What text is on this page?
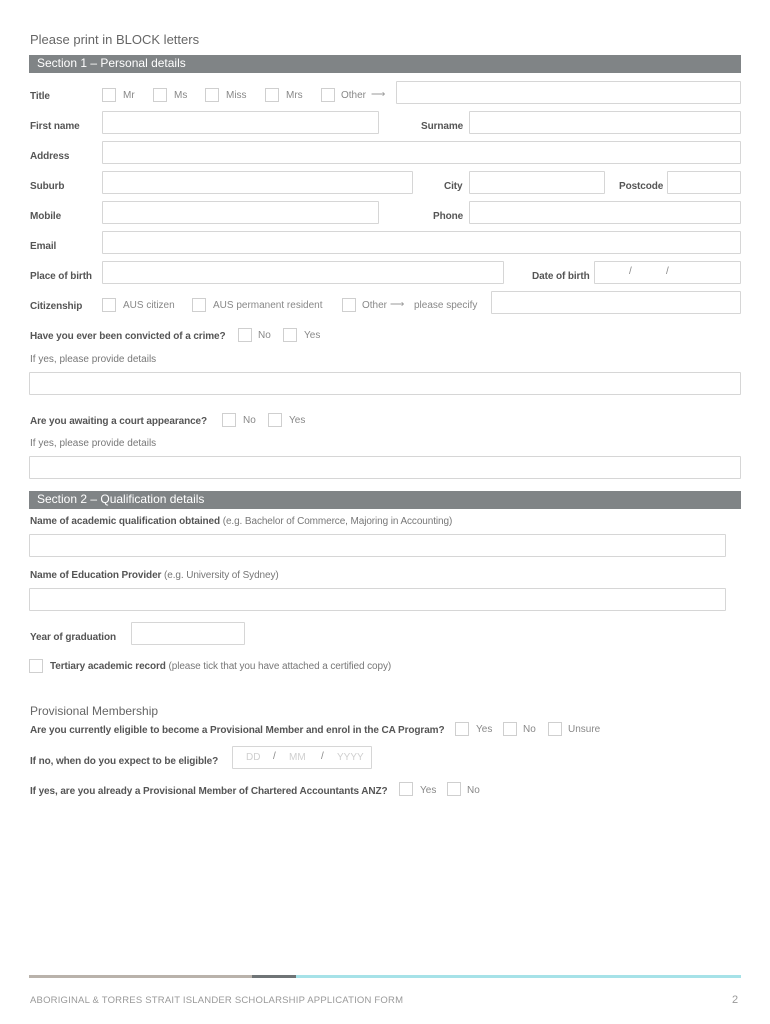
Please print in BLOCK letters
Section 1 – Personal details
Title	Mr	Ms	Miss	Mrs	Other ⟶
First name	Surname
Address
Suburb	City	Postcode
Mobile	Phone
Email
Place of birth	Date of birth	/	/
Citizenship	AUS citizen	AUS permanent resident	Other ⟶ please specify
Have you ever been convicted of a crime?	No	Yes
If yes, please provide details
Are you awaiting a court appearance?	No	Yes
If yes, please provide details
Section 2 – Qualification details
Name of academic qualification obtained (e.g. Bachelor of Commerce, Majoring in Accounting)
Name of Education Provider (e.g. University of Sydney)
Year of graduation
Tertiary academic record (please tick that you have attached a certified copy)
Provisional Membership
Are you currently eligible to become a Provisional Member and enrol in the CA Program?	Yes	No	Unsure
If no, when do you expect to be eligible?	DD / MM / YYYY
If yes, are you already a Provisional Member of Chartered Accountants ANZ?	Yes	No
ABORIGINAL & TORRES STRAIT ISLANDER SCHOLARSHIP APPLICATION FORM	2
